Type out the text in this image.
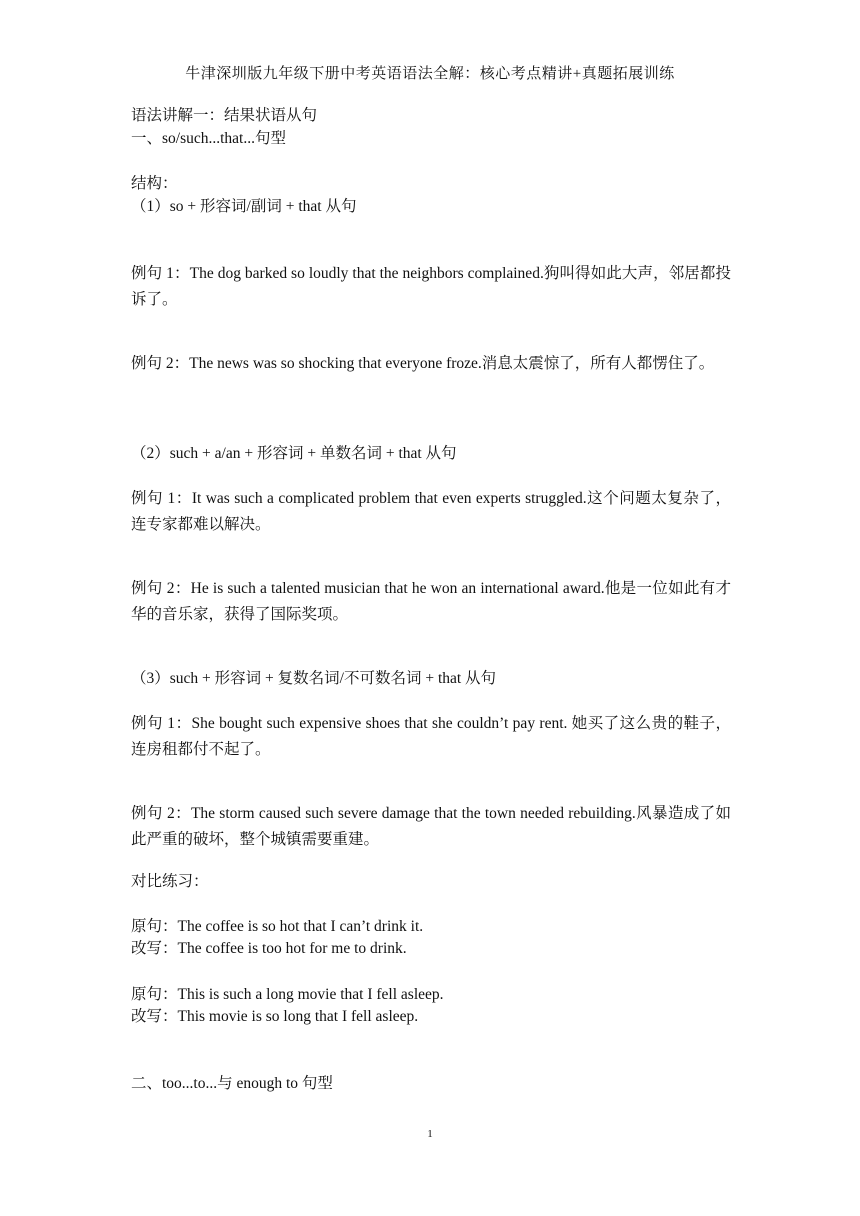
牛津深圳版九年级下册中考英语语法全解：核心考点精讲+真题拓展训练
语法讲解一：结果状语从句
一、so/such...that...句型
结构：
（1）so + 形容词/副词 + that 从句
例句 1：The dog barked so loudly that the neighbors complained.狗叫得如此大声，邻居都投诉了。
例句 2：The news was so shocking that everyone froze.消息太震惊了，所有人都愣住了。
（2）such + a/an + 形容词 + 单数名词 + that 从句
例句 1：It was such a complicated problem that even experts struggled.这个问题太复杂了，连专家都难以解决。
例句 2：He is such a talented musician that he won an international award.他是一位如此有才华的音乐家，获得了国际奖项。
（3）such + 形容词 + 复数名词/不可数名词 + that 从句
例句 1：She bought such expensive shoes that she couldn’t pay rent. 她买了这么贵的鞋子，连房租都付不起了。
例句 2：The storm caused such severe damage that the town needed rebuilding.风暴造成了如此严重的破坏，整个城镇需要重建。
对比练习：
原句：The coffee is so hot that I can’t drink it.
改写：The coffee is too hot for me to drink.
原句：This is such a long movie that I fell asleep.
改写：This movie is so long that I fell asleep.
二、too...to...与 enough to 句型
1
